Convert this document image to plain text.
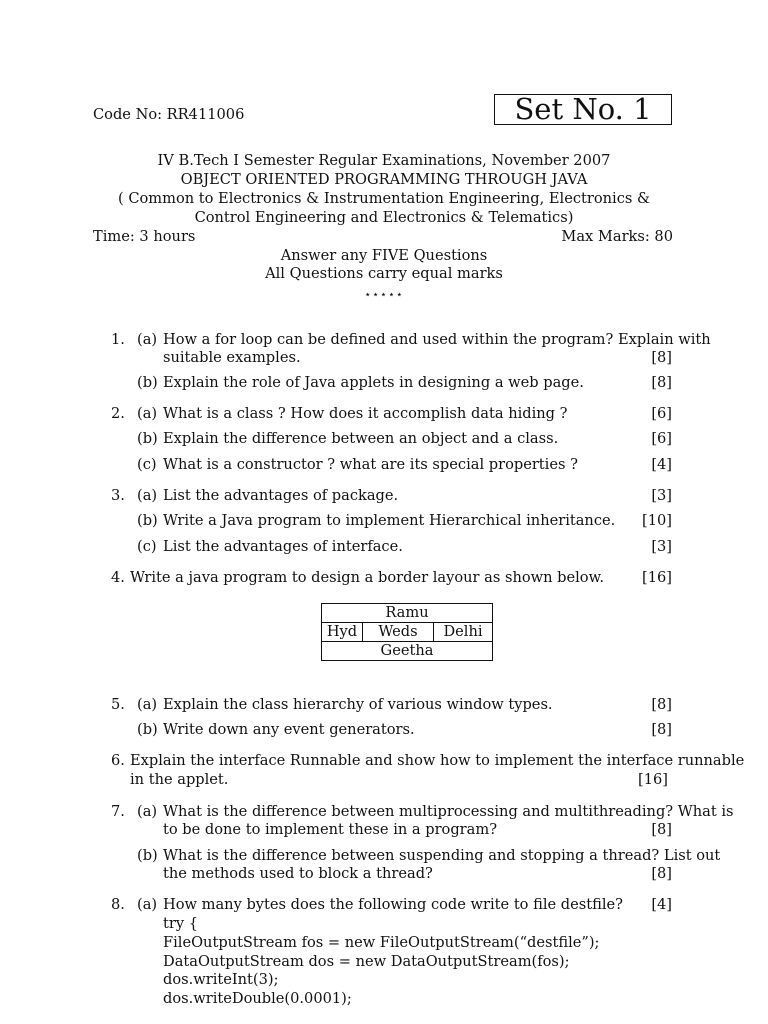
Code No: RR411006	Set No. 1
IV B.Tech I Semester Regular Examinations, November 2007
OBJECT ORIENTED PROGRAMMING THROUGH JAVA
( Common to Electronics & Instrumentation Engineering, Electronics &
Control Engineering and Electronics & Telematics)
Time: 3 hours	Max Marks: 80
Answer any FIVE Questions
All Questions carry equal marks
⋆⋆⋆⋆⋆
1. (a) How a for loop can be defined and used within the program? Explain with
suitable examples.	[8]
(b) Explain the role of Java applets in designing a web page.	[8]
2. (a) What is a class ? How does it accomplish data hiding ?	[6]
(b) Explain the difference between an object and a class.	[6]
(c) What is a constructor ? what are its special properties ?	[4]
3. (a) List the advantages of package.	[3]
(b) Write a Java program to implement Hierarchical inheritance. [10]
(c) List the advantages of interface.	[3]
4. Write a java program to design a border layour as shown below.	[16]
Ramu
Hyd	Weds	Delhi
Geetha
5. (a) Explain the class hierarchy of various window types.	[8]
(b) Write down any event generators.	[8]
6. Explain the interface Runnable and show how to implement the interface runnable
in the applet.	[16]
7. (a) What is the difference between multiprocessing and multithreading? What is
to be done to implement these in a program?	[8]
(b) What is the difference between suspending and stopping a thread? List out
the methods used to block a thread?	[8]
8. (a) How many bytes does the following code write to file destfile? [4]
try {
FileOutputStream fos = new FileOutputStream(“destfile”);
DataOutputStream dos = new DataOutputStream(fos);
dos.writeInt(3);
dos.writeDouble(0.0001);
